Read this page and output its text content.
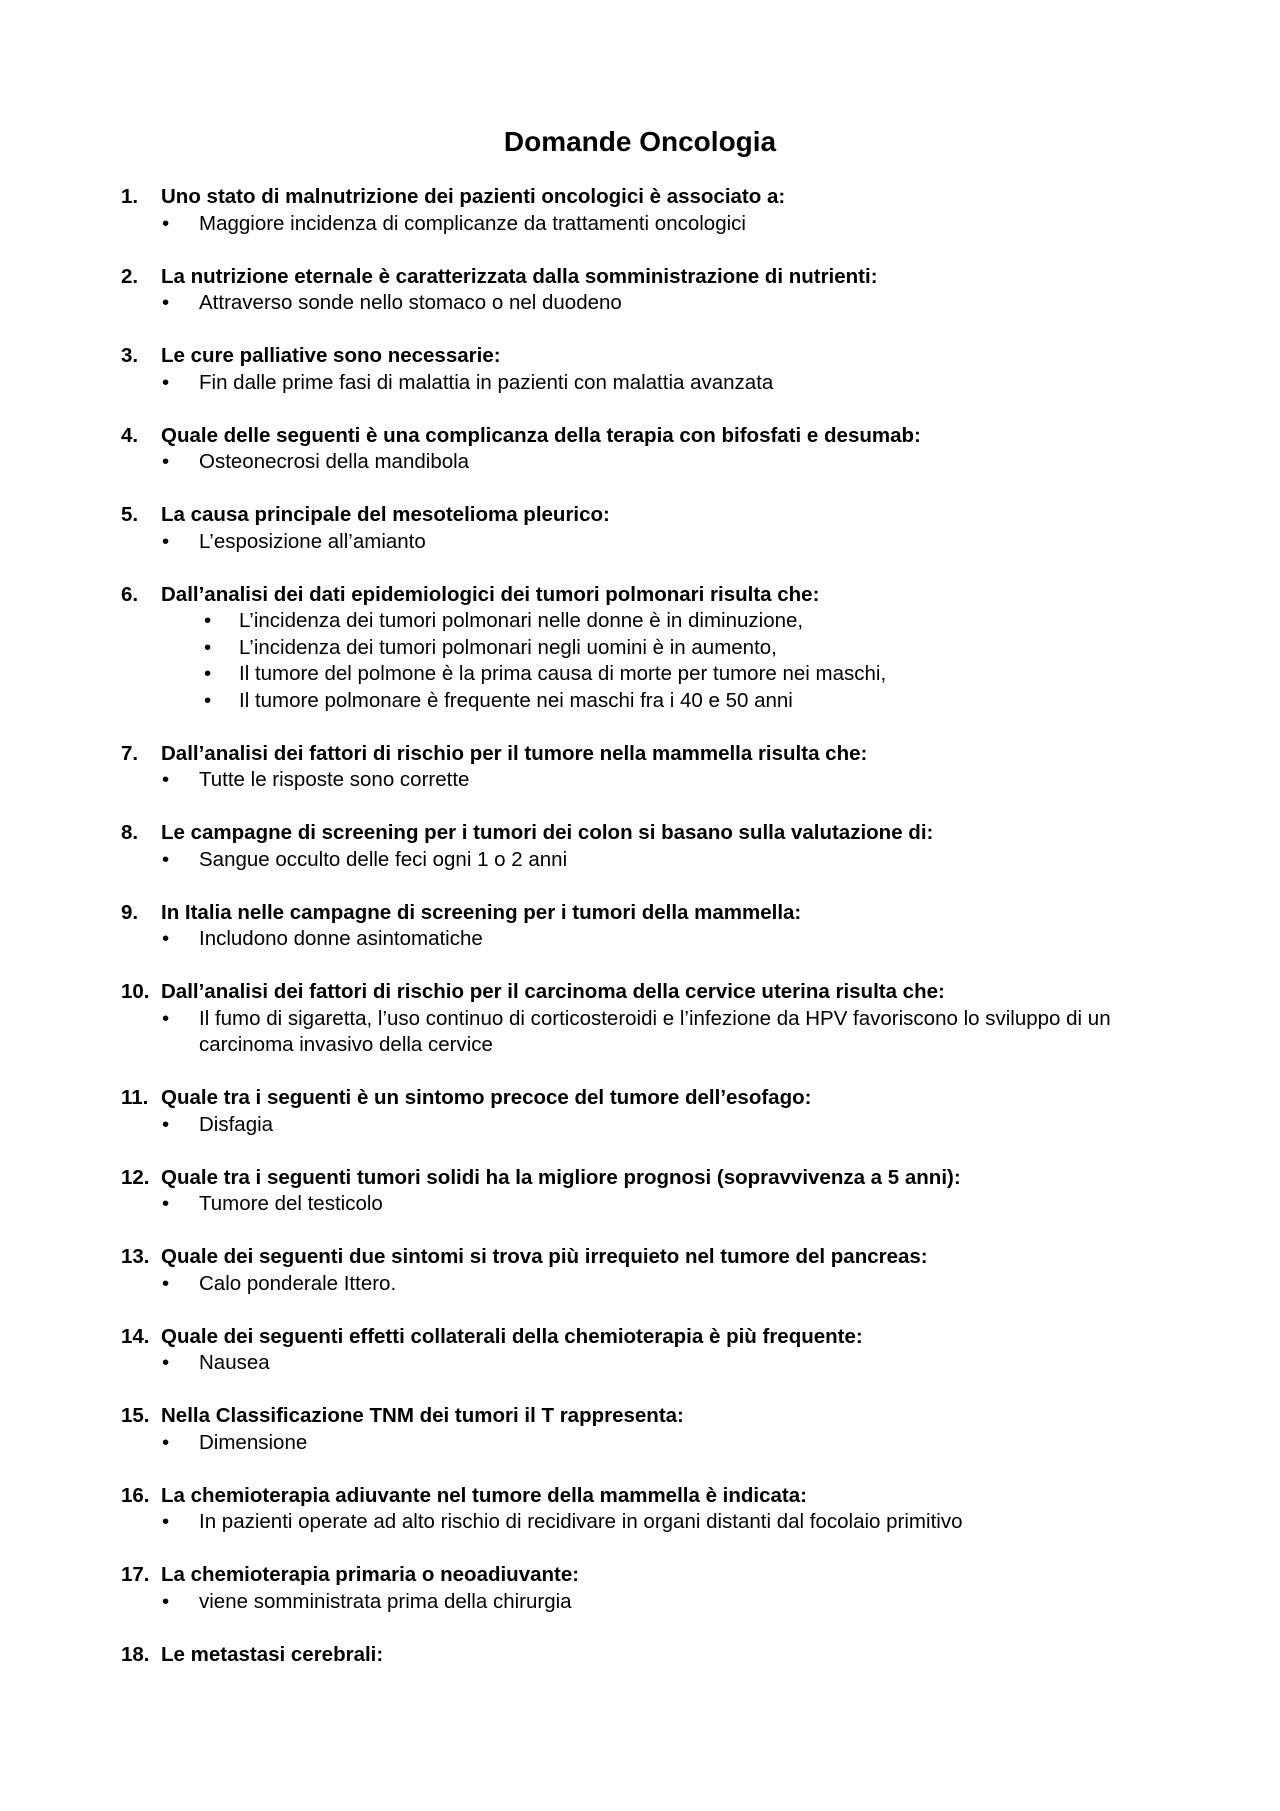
Domande Oncologia
1.	Uno stato di malnutrizione dei pazienti oncologici è associato a:
•	Maggiore incidenza di complicanze da trattamenti oncologici
2.	La nutrizione eternale è caratterizzata dalla somministrazione di nutrienti:
•	Attraverso sonde nello stomaco o nel duodeno
3.	Le cure palliative sono necessarie:
•	Fin dalle prime fasi di malattia in pazienti con malattia avanzata
4.	Quale delle seguenti è una complicanza della terapia con bifosfati e desumab:
•	Osteonecrosi della mandibola
5.	La causa principale del mesotelioma pleurico:
•	L’esposizione all’amianto
6.	Dall’analisi dei dati epidemiologici dei tumori polmonari risulta che:
•	L’incidenza dei tumori polmonari nelle donne è in diminuzione,
•	L’incidenza dei tumori polmonari negli uomini è in aumento,
•	Il tumore del polmone è la prima causa di morte per tumore nei maschi,
•	Il tumore polmonare è frequente nei maschi fra i 40 e 50 anni
7.	Dall’analisi dei fattori di rischio per il tumore nella mammella risulta che:
•	Tutte le risposte sono corrette
8.	Le campagne di screening per i tumori dei colon si basano sulla valutazione di:
•	Sangue occulto delle feci ogni 1 o 2 anni
9.	In Italia nelle campagne di screening per i tumori della mammella:
•	Includono donne asintomatiche
10. Dall’analisi dei fattori di rischio per il carcinoma della cervice uterina risulta che:
•	Il fumo di sigaretta, l’uso continuo di corticosteroidi e l’infezione da HPV favoriscono lo sviluppo di un carcinoma invasivo della cervice
11. Quale tra i seguenti è un sintomo precoce del tumore dell’esofago:
•	Disfagia
12. Quale tra i seguenti tumori solidi ha la migliore prognosi (sopravvivenza a 5 anni):
•	Tumore del testicolo
13. Quale dei seguenti due sintomi si trova più irrequieto nel tumore del pancreas:
•	Calo ponderale Ittero.
14. Quale dei seguenti effetti collaterali della chemioterapia è più frequente:
•	Nausea
15. Nella Classificazione TNM dei tumori il T rappresenta:
•	Dimensione
16. La chemioterapia adiuvante nel tumore della mammella è indicata:
•	In pazienti operate ad alto rischio di recidivare in organi distanti dal focolaio primitivo
17. La chemioterapia primaria o neoadiuvante:
•	viene somministrata prima della chirurgia
18. Le metastasi cerebrali:
